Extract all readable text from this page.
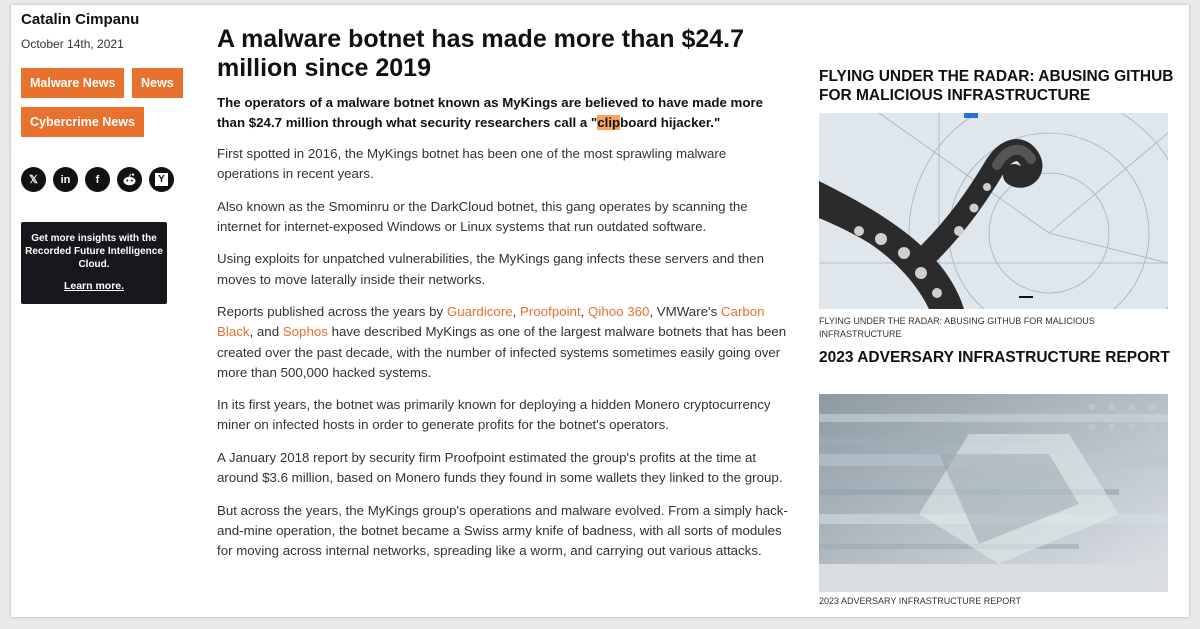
Catalin Cimpanu
October 14th, 2021
Malware News	News
Cybercrime News
𝕏	in	f	Y
Get more insights with the Recorded Future Intelligence Cloud.
Learn more.
A malware botnet has made more than $24.7 million since 2019

The operators of a malware botnet known as MyKings are believed to have made more than $24.7 million through what security researchers call a "clipboard hijacker."

First spotted in 2016, the MyKings botnet has been one of the most sprawling malware operations in recent years.

Also known as the Smominru or the DarkCloud botnet, this gang operates by scanning the internet for internet-exposed Windows or Linux systems that run outdated software.

Using exploits for unpatched vulnerabilities, the MyKings gang infects these servers and then moves to move laterally inside their networks.

Reports published across the years by Guardicore, Proofpoint, Qihoo 360, VMWare's Carbon Black, and Sophos have described MyKings as one of the largest malware botnets that has been created over the past decade, with the number of infected systems sometimes easily going over more than 500,000 hacked systems.

In its first years, the botnet was primarily known for deploying a hidden Monero cryptocurrency miner on infected hosts in order to generate profits for the botnet's operators.

A January 2018 report by security firm Proofpoint estimated the group's profits at the time at around $3.6 million, based on Monero funds they found in some wallets they linked to the group.

But across the years, the MyKings group's operations and malware evolved. From a simply hack-and-mine operation, the botnet became a Swiss army knife of badness, with all sorts of modules for moving across internal networks, spreading like a worm, and carrying out various attacks.

FLYING UNDER THE RADAR: ABUSING GITHUB FOR MALICIOUS INFRASTRUCTURE
FLYING UNDER THE RADAR: ABUSING GITHUB FOR MALICIOUS INFRASTRUCTURE
2023 ADVERSARY INFRASTRUCTURE REPORT
2023 ADVERSARY INFRASTRUCTURE REPORT
